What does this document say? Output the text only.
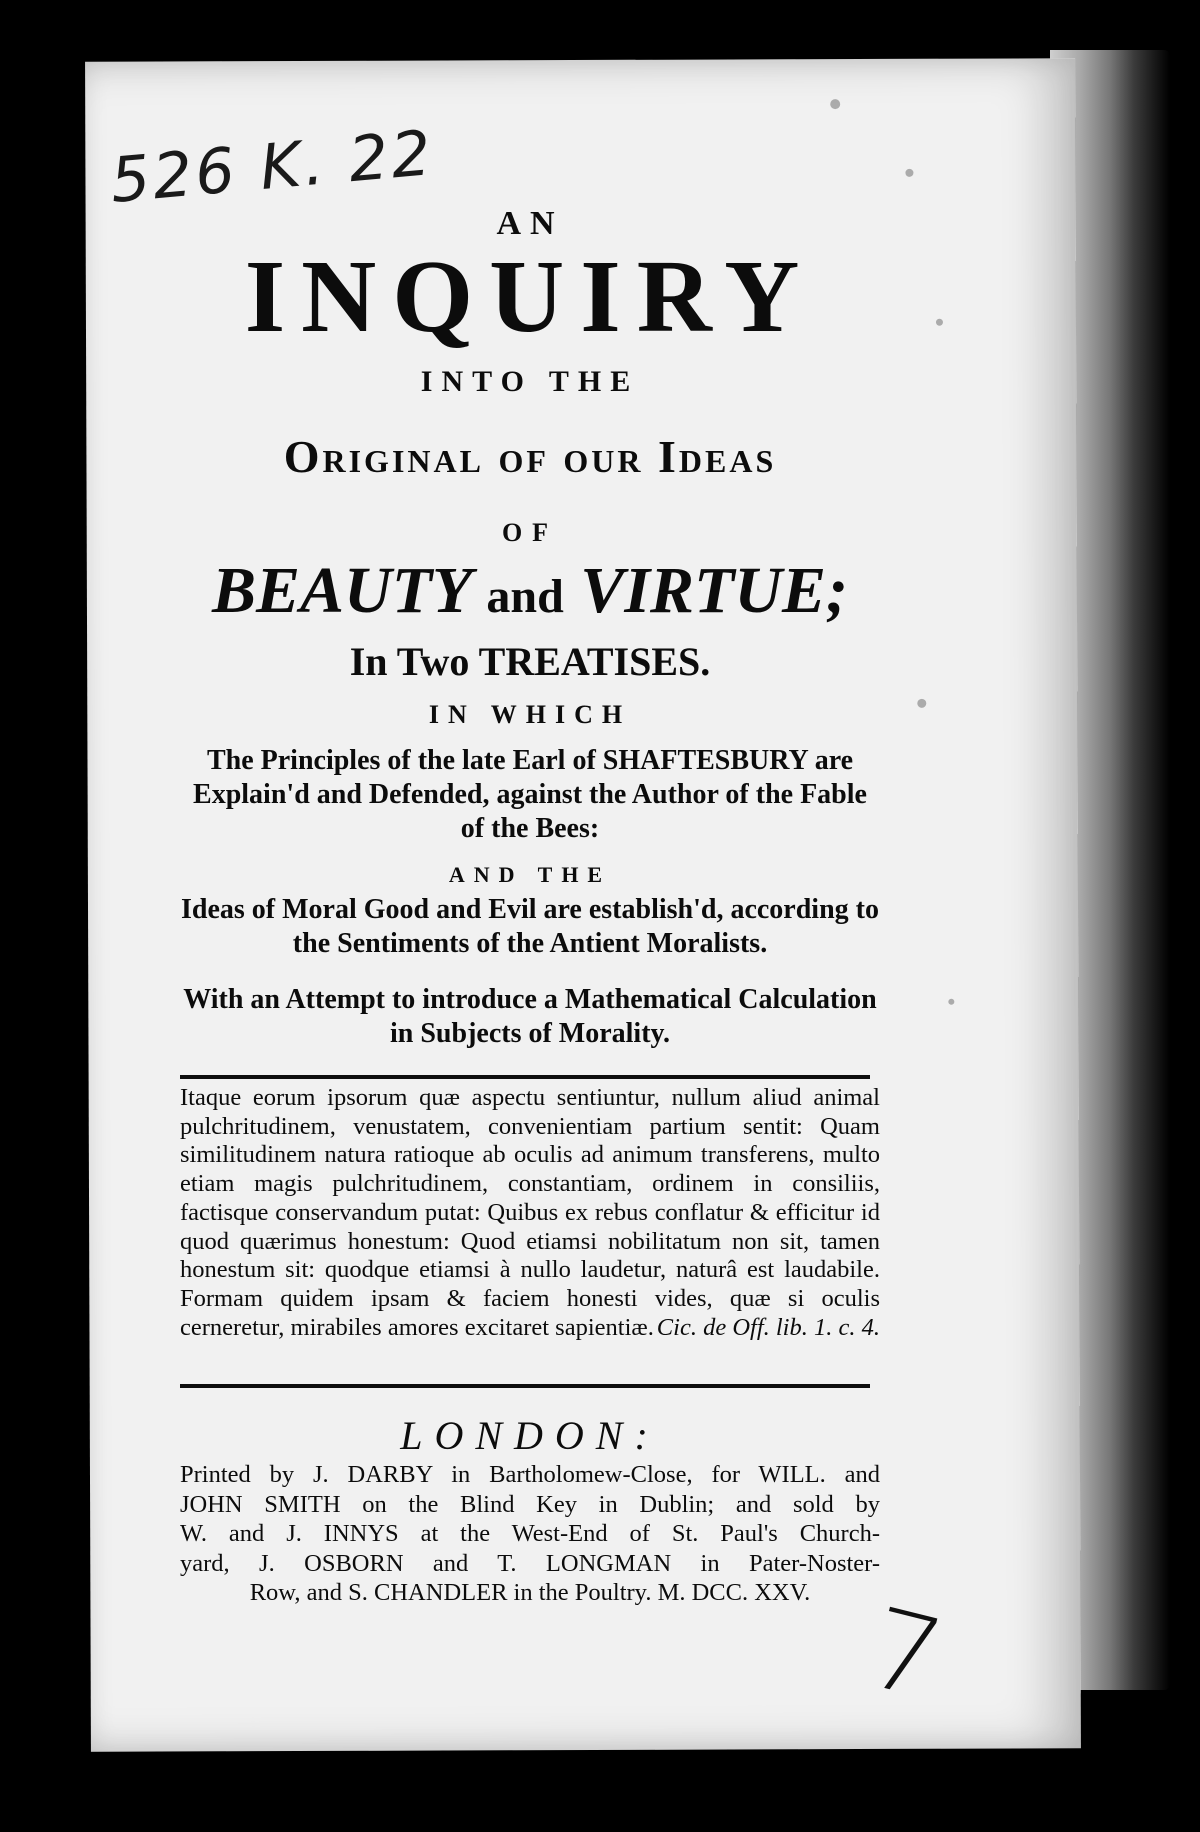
526 K. 22
AN
INQUIRY
INTO THE
Original of our Ideas
OF
BEAUTY and VIRTUE;
In Two TREATISES.
IN WHICH
The Principles of the late Earl of SHAFTESBURY are Explain'd and Defended, against the Author of the Fable of the Bees:
AND THE
Ideas of Moral Good and Evil are establish'd, according to the Sentiments of the Antient Moralists.
With an Attempt to introduce a Mathematical Calculation in Subjects of Morality.
Itaque eorum ipsorum quæ aspectu sentiuntur, nullum aliud animal pulchritudinem, venustatem, convenientiam partium sentit: Quam similitudinem natura ratioque ab oculis ad animum transferens, multo etiam magis pulchritudinem, constantiam, ordinem in consiliis, factisque conservandum putat: Quibus ex rebus conflatur & efficitur id quod quærimus honestum: Quod etiamsi nobilitatum non sit, tamen honestum sit: quodque etiamsi à nullo laudetur, naturâ est laudabile. Formam quidem ipsam & faciem honesti vides, quæ si oculis cerneretur, mirabiles amores excitaret sapientiæ. Cic. de Off. lib. 1. c. 4.
LONDON:
Printed by J. DARBY in Bartholomew-Close, for WILL. and
JOHN SMITH on the Blind Key in Dublin; and sold by
W. and J. INNYS at the West-End of St. Paul's Church-
yard, J. OSBORN and T. LONGMAN in Pater-Noster-
Row, and S. CHANDLER in the Poultry. M. DCC. XXV. 7
